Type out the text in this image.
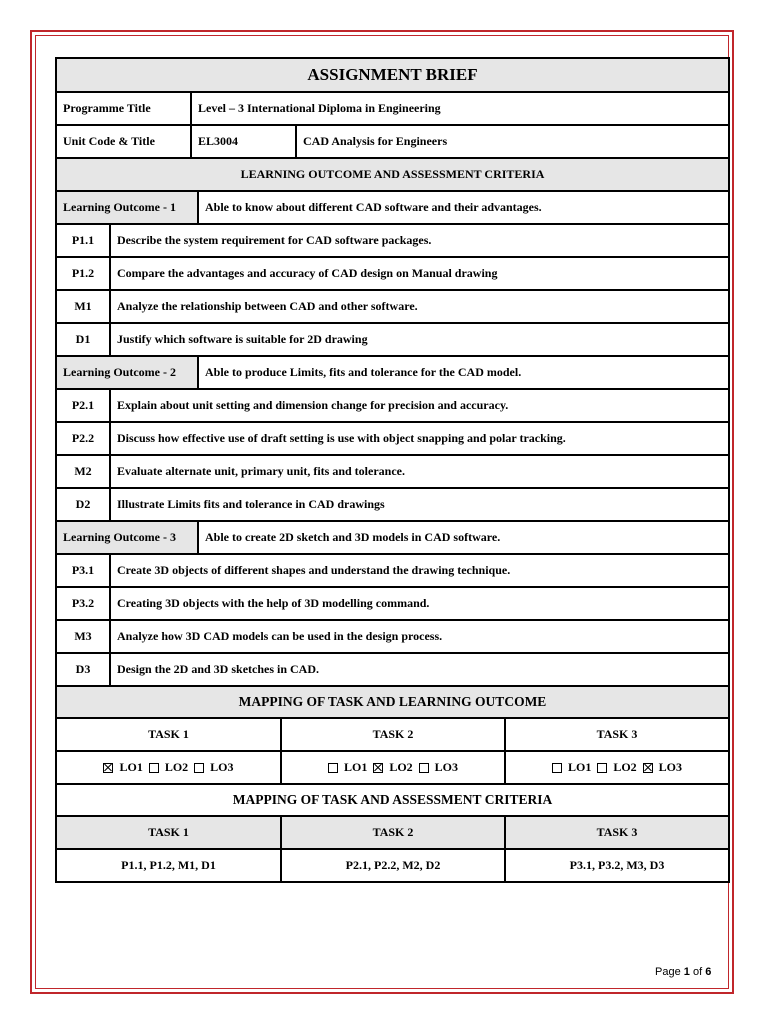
ASSIGNMENT BRIEF
Programme Title	Level – 3 International Diploma in Engineering
Unit Code & Title	EL3004	CAD Analysis for Engineers
LEARNING OUTCOME AND ASSESSMENT CRITERIA
Learning Outcome - 1	Able to know about different CAD software and their advantages.
P1.1	Describe the system requirement for CAD software packages.
P1.2	Compare the advantages and accuracy of CAD design on Manual drawing
M1	Analyze the relationship between CAD and other software.
D1	Justify which software is suitable for 2D drawing
Learning Outcome - 2	Able to produce Limits, fits and tolerance for the CAD model.
P2.1	Explain about unit setting and dimension change for precision and accuracy.
P2.2	Discuss how effective use of draft setting is use with object snapping and polar tracking.
M2	Evaluate alternate unit, primary unit, fits and tolerance.
D2	Illustrate Limits fits and tolerance in CAD drawings
Learning Outcome - 3	Able to create 2D sketch and 3D models in CAD software.
P3.1	Create 3D objects of different shapes and understand the drawing technique.
P3.2	Creating 3D objects with the help of 3D modelling command.
M3	Analyze how 3D CAD models can be used in the design process.
D3	Design the 2D and 3D sketches in CAD.
MAPPING OF TASK AND LEARNING OUTCOME
TASK 1	TASK 2	TASK 3
LO1 LO2 LO3	LO1 LO2 LO3	LO1 LO2 LO3
MAPPING OF TASK AND ASSESSMENT CRITERIA
TASK 1	TASK 2	TASK 3
P1.1, P1.2, M1, D1	P2.1, P2.2, M2, D2	P3.1, P3.2, M3, D3
Page 1 of 6
